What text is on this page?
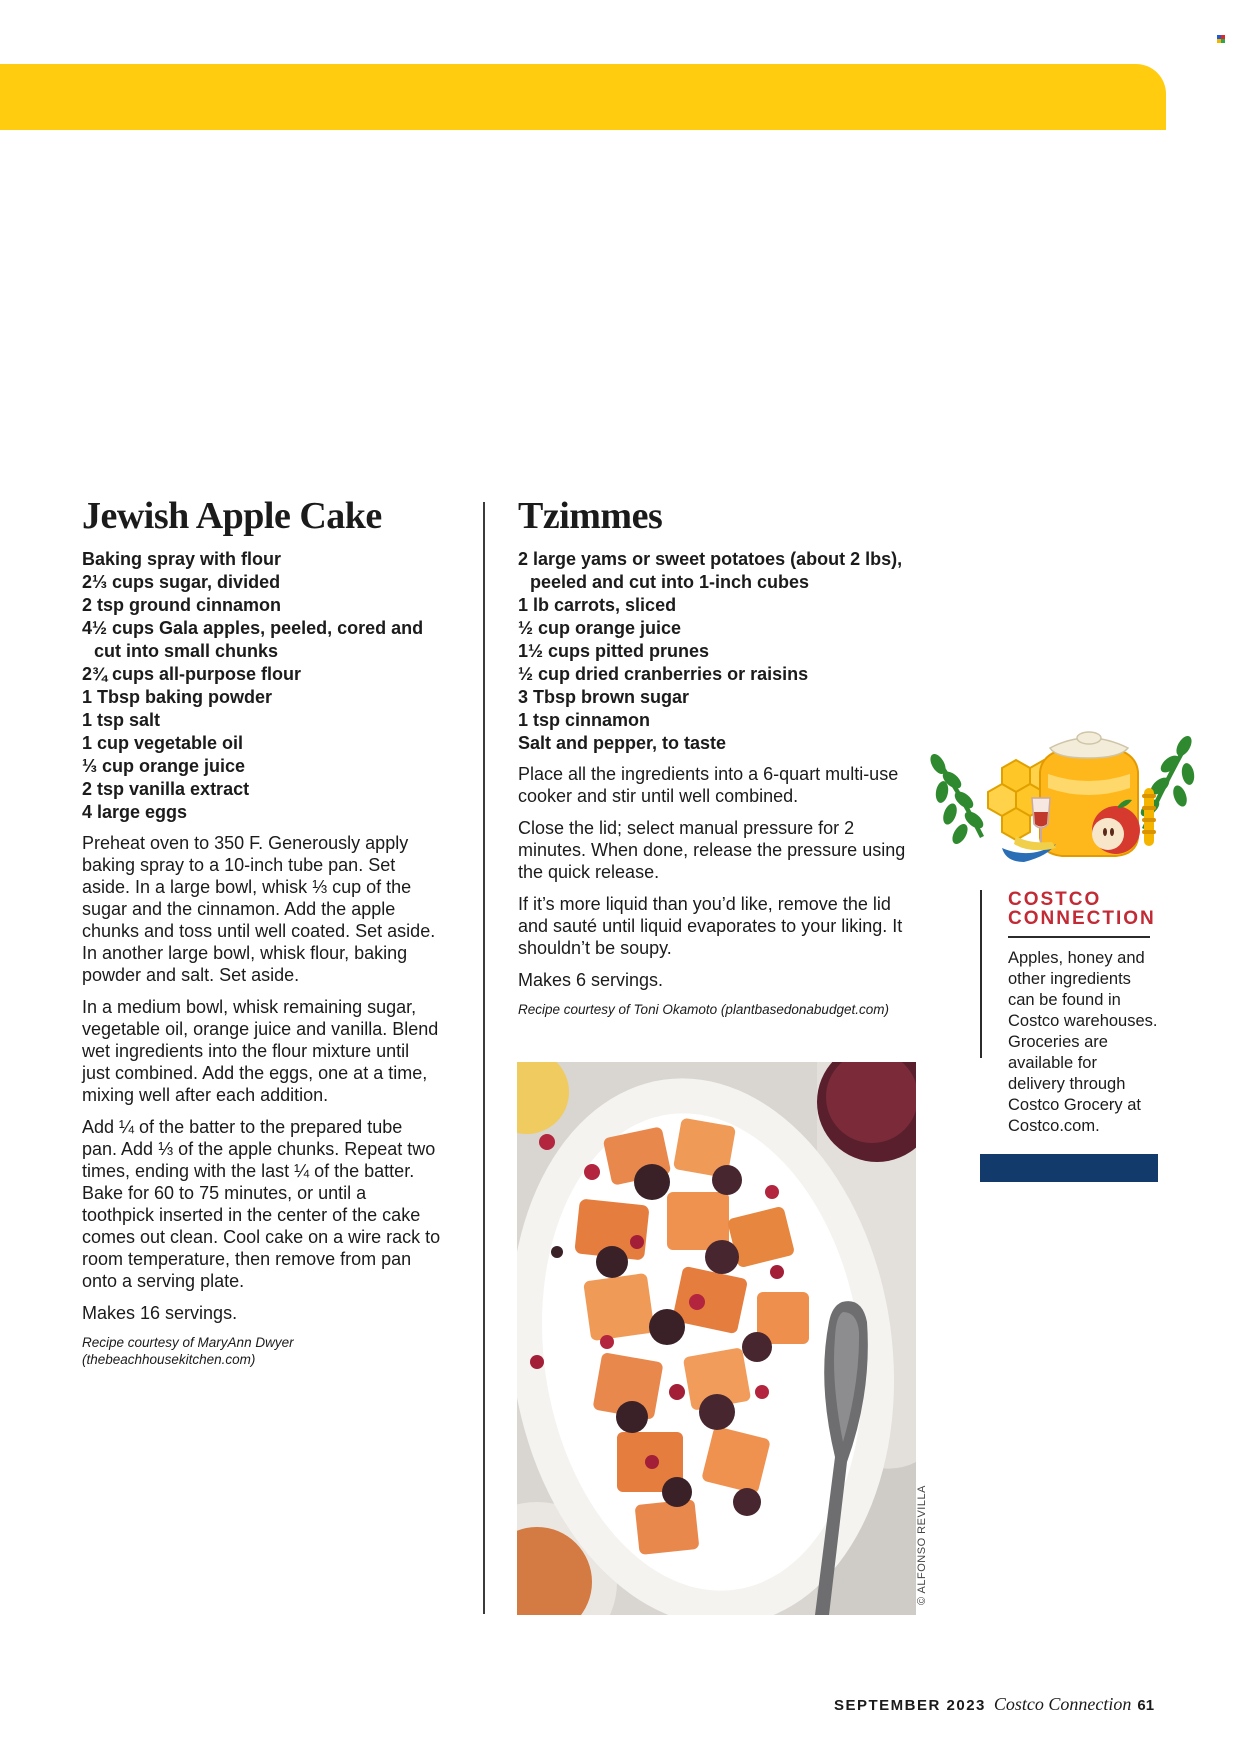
Jewish Apple Cake
Baking spray with flour
2⅓ cups sugar, divided
2 tsp ground cinnamon
4½ cups Gala apples, peeled, cored and cut into small chunks
2¾ cups all-purpose flour
1 Tbsp baking powder
1 tsp salt
1 cup vegetable oil
⅓ cup orange juice
2 tsp vanilla extract
4 large eggs

Preheat oven to 350 F. Generously apply baking spray to a 10-inch tube pan. Set aside. In a large bowl, whisk ⅓ cup of the sugar and the cinnamon. Add the apple chunks and toss until well coated. Set aside. In another large bowl, whisk flour, baking powder and salt. Set aside.

In a medium bowl, whisk remaining sugar, vegetable oil, orange juice and vanilla. Blend wet ingredients into the flour mixture until just combined. Add the eggs, one at a time, mixing well after each addition.

Add ¼ of the batter to the prepared tube pan. Add ⅓ of the apple chunks. Repeat two times, ending with the last ¼ of the batter. Bake for 60 to 75 minutes, or until a toothpick inserted in the center of the cake comes out clean. Cool cake on a wire rack to room temperature, then remove from pan onto a serving plate.

Makes 16 servings.

Recipe courtesy of MaryAnn Dwyer (thebeachhousekitchen.com)

Tzimmes
2 large yams or sweet potatoes (about 2 lbs), peeled and cut into 1-inch cubes
1 lb carrots, sliced
½ cup orange juice
1½ cups pitted prunes
½ cup dried cranberries or raisins
3 Tbsp brown sugar
1 tsp cinnamon
Salt and pepper, to taste

Place all the ingredients into a 6-quart multi-use cooker and stir until well combined.

Close the lid; select manual pressure for 2 minutes. When done, release the pressure using the quick release.

If it’s more liquid than you’d like, remove the lid and sauté until liquid evaporates to your liking. It shouldn’t be soupy.

Makes 6 servings.

Recipe courtesy of Toni Okamoto (plantbasedonabudget.com)

© ALFONSO REVILLA
COSTCO
CONNECTION
Apples, honey and other ingredients can be found in Costco warehouses. Groceries are available for delivery through Costco Grocery at Costco.com.
SEPTEMBER 2023 Costco Connection 61
